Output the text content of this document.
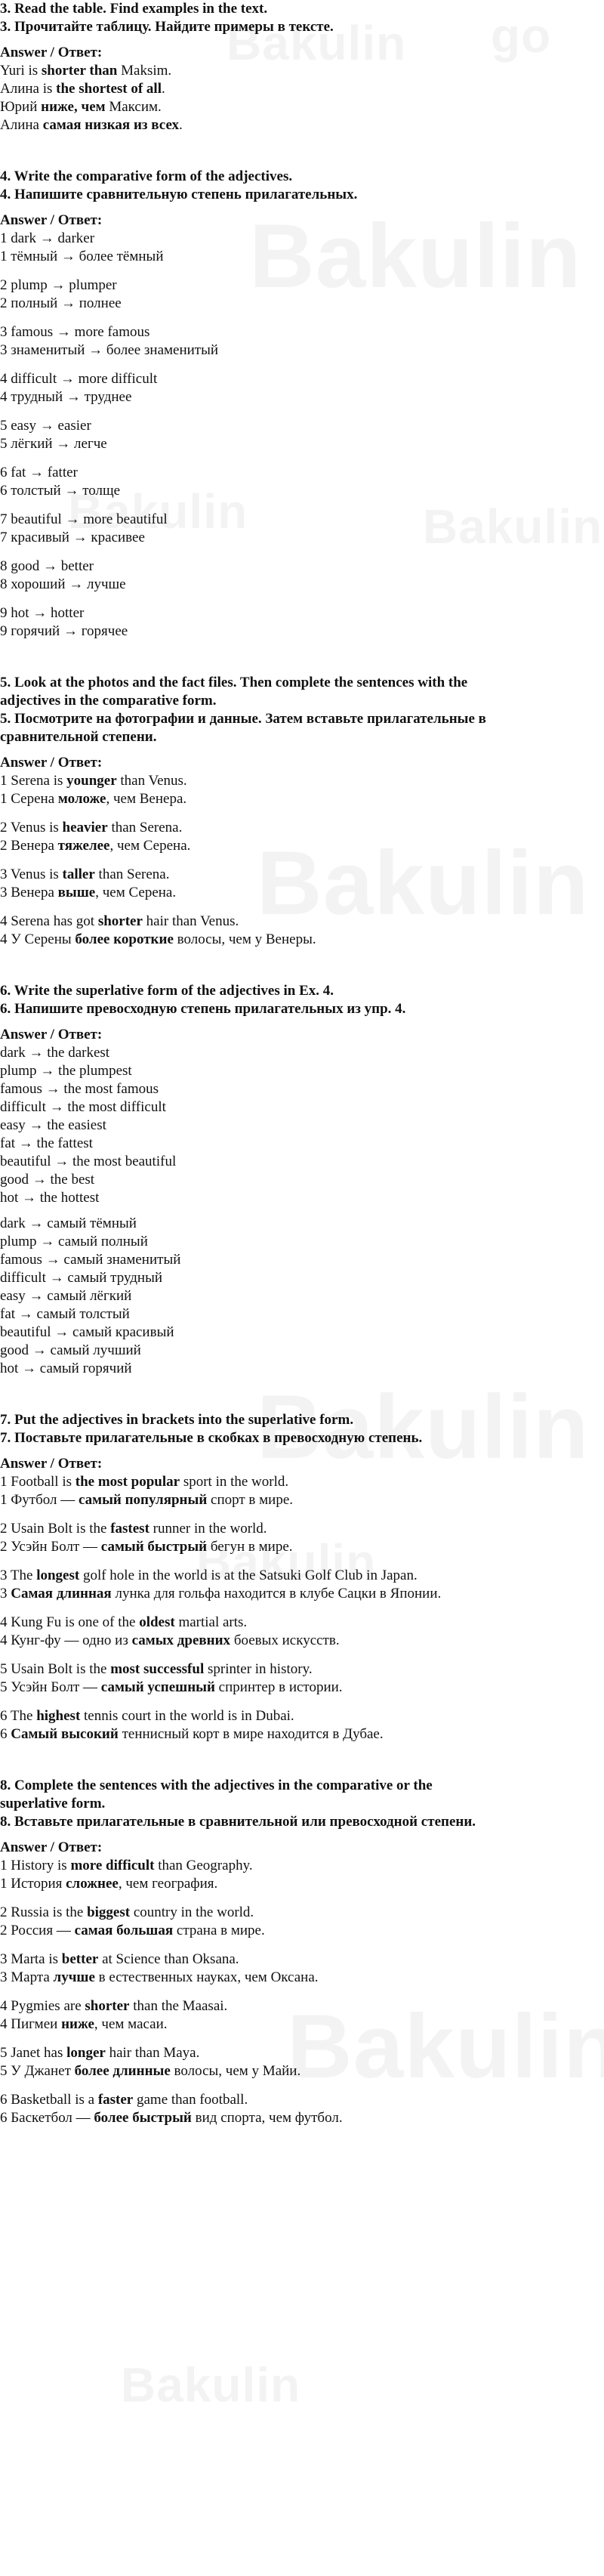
3. Read the table. Find examples in the text.
3. Прочитайте таблицу. Найдите примеры в тексте.
Answer / Ответ:
Yuri is shorter than Maksim.
Алина is the shortest of all.
Юрий ниже, чем Максим.
Алина самая низкая из всех.
4. Write the comparative form of the adjectives.
4. Напишите сравнительную степень прилагательных.
Answer / Ответ:
1 dark → darker
1 тёмный → более тёмный
2 plump → plumper
2 полный → полнее
3 famous → more famous
3 знаменитый → более знаменитый
4 difficult → more difficult
4 трудный → труднее
5 easy → easier
5 лёгкий → легче
6 fat → fatter
6 толстый → толще
7 beautiful → more beautiful
7 красивый → красивее
8 good → better
8 хороший → лучше
9 hot → hotter
9 горячий → горячее
5. Look at the photos and the fact files. Then complete the sentences with the
adjectives in the comparative form.
5. Посмотрите на фотографии и данные. Затем вставьте прилагательные в
сравнительной степени.
Answer / Ответ:
1 Serena is younger than Venus.
1 Серена моложе, чем Венера.
2 Venus is heavier than Serena.
2 Венера тяжелее, чем Серена.
3 Venus is taller than Serena.
3 Венера выше, чем Серена.
4 Serena has got shorter hair than Venus.
4 У Серены более короткие волосы, чем у Венеры.
6. Write the superlative form of the adjectives in Ex. 4.
6. Напишите превосходную степень прилагательных из упр. 4.
Answer / Ответ:
dark → the darkest
plump → the plumpest
famous → the most famous
difficult → the most difficult
easy → the easiest
fat → the fattest
beautiful → the most beautiful
good → the best
hot → the hottest
dark → самый тёмный
plump → самый полный
famous → самый знаменитый
difficult → самый трудный
easy → самый лёгкий
fat → самый толстый
beautiful → самый красивый
good → самый лучший
hot → самый горячий
7. Put the adjectives in brackets into the superlative form.
7. Поставьте прилагательные в скобках в превосходную степень.
Answer / Ответ:
1 Football is the most popular sport in the world.
1 Футбол — самый популярный спорт в мире.
2 Usain Bolt is the fastest runner in the world.
2 Усэйн Болт — самый быстрый бегун в мире.
3 The longest golf hole in the world is at the Satsuki Golf Club in Japan.
3 Самая длинная лунка для гольфа находится в клубе Сацки в Японии.
4 Kung Fu is one of the oldest martial arts.
4 Кунг-фу — одно из самых древних боевых искусств.
5 Usain Bolt is the most successful sprinter in history.
5 Усэйн Болт — самый успешный спринтер в истории.
6 The highest tennis court in the world is in Dubai.
6 Самый высокий теннисный корт в мире находится в Дубае.
8. Complete the sentences with the adjectives in the comparative or the
superlative form.
8. Вставьте прилагательные в сравнительной или превосходной степени.
Answer / Ответ:
1 History is more difficult than Geography.
1 История сложнее, чем география.
2 Russia is the biggest country in the world.
2 Россия — самая большая страна в мире.
3 Marta is better at Science than Oksana.
3 Марта лучше в естественных науках, чем Оксана.
4 Pygmies are shorter than the Maasai.
4 Пигмеи ниже, чем масаи.
5 Janet has longer hair than Maya.
5 У Джанет более длинные волосы, чем у Майи.
6 Basketball is a faster game than football.
6 Баскетбол — более быстрый вид спорта, чем футбол.
